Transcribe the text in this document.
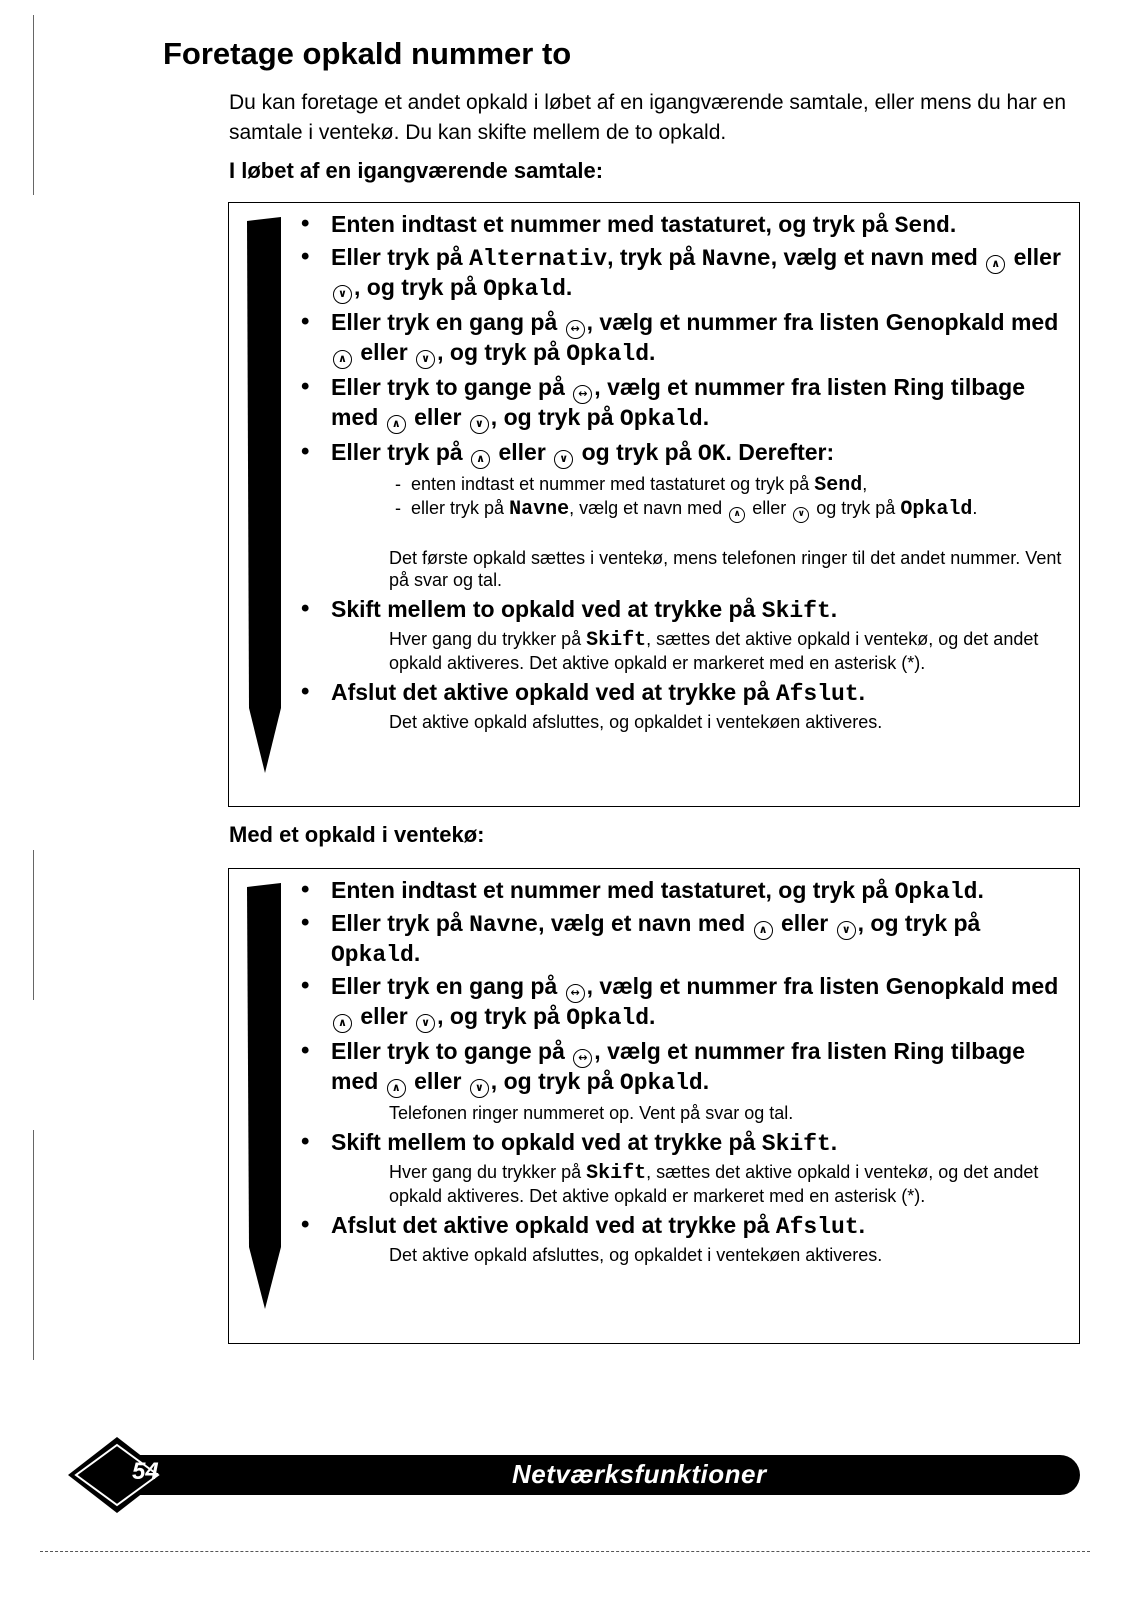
Foretage opkald nummer to

Du kan foretage et andet opkald i løbet af en igangværende samtale, eller mens du har en samtale i ventekø. Du kan skifte mellem de to opkald.

I løbet af en igangværende samtale:

• Enten indtast et nummer med tastaturet, og tryk på Send.
• Eller tryk på Alternativ, tryk på Navne, vælg et navn med ∧ eller ∨ , og tryk på Opkald.
• Eller tryk en gang på ↔ , vælg et nummer fra listen Genopkald med ∧ eller ∨ , og tryk på Opkald.
• Eller tryk to gange på ↔ , vælg et nummer fra listen Ring tilbage med ∧ eller ∨ , og tryk på Opkald.
• Eller tryk på ∧ eller ∨ og tryk på OK. Derefter:
- enten indtast et nummer med tastaturet og tryk på Send,
- eller tryk på Navne, vælg et navn med ∧ eller ∨ og tryk på Opkald.

Det første opkald sættes i ventekø, mens telefonen ringer til det andet nummer. Vent på svar og tal.

• Skift mellem to opkald ved at trykke på Skift.

Hver gang du trykker på Skift, sættes det aktive opkald i ventekø, og det andet opkald aktiveres. Det aktive opkald er markeret med en asterisk (*).

• Afslut det aktive opkald ved at trykke på Afslut.

Det aktive opkald afsluttes, og opkaldet i ventekøen aktiveres.

Med et opkald i ventekø:

• Enten indtast et nummer med tastaturet, og tryk på Opkald.
• Eller tryk på Navne, vælg et navn med ∧ eller ∨ , og tryk på Opkald.
• Eller tryk en gang på ↔ , vælg et nummer fra listen Genopkald med ∧ eller ∨ , og tryk på Opkald.
• Eller tryk to gange på ↔ , vælg et nummer fra listen Ring tilbage med ∧ eller ∨ , og tryk på Opkald.

Telefonen ringer nummeret op. Vent på svar og tal.

• Skift mellem to opkald ved at trykke på Skift.

Hver gang du trykker på Skift, sættes det aktive opkald i ventekø, og det andet opkald aktiveres. Det aktive opkald er markeret med en asterisk (*).

• Afslut det aktive opkald ved at trykke på Afslut.

Det aktive opkald afsluttes, og opkaldet i ventekøen aktiveres.

54	Netværksfunktioner
